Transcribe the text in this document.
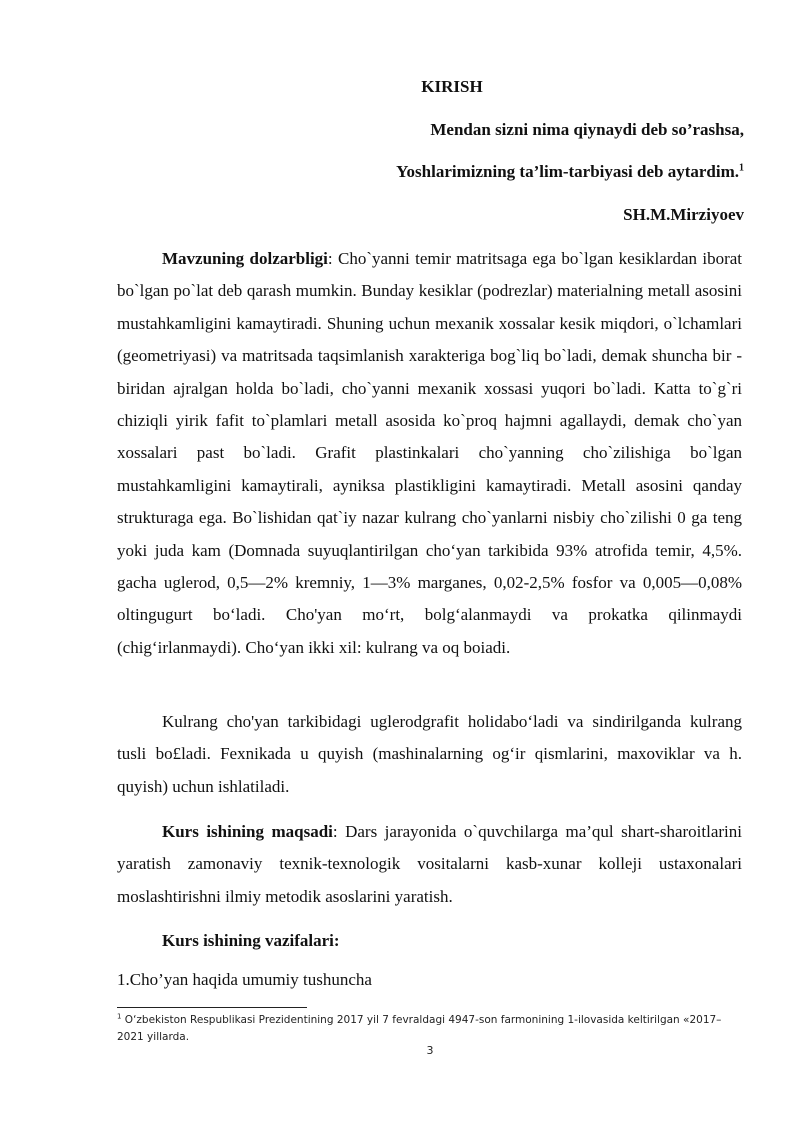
KIRISH
Mendan sizni nima qiynaydi deb so’rashsa,
Yoshlarimizning ta’lim-tarbiyasi deb aytardim.$^1$
SH.M.Mirziyoev
Mavzuning dolzarbligi: Cho`yanni temir matritsaga ega bo`lgan kesiklardan iborat bo`lgan po`lat deb qarash mumkin. Bunday kesiklar (podrezlar) materialning metall asosini mustahkamligini kamaytiradi. Shuning uchun mexanik xossalar kesik miqdori, o`lchamlari (geometriyasi) va matritsada taqsimlanish xarakteriga bog`liq bo`ladi, demak shuncha bir - biridan ajralgan holda bo`ladi, cho`yanni mexanik xossasi yuqori bo`ladi. Katta to`g`ri chiziqli yirik fafit to`plamlari metall asosida ko`proq hajmni agallaydi, demak cho`yan xossalari past bo`ladi. Grafit plastinkalari cho`yanning cho`zilishiga bo`lgan mustahkamligini kamaytirali, ayniksa plastikligini kamaytiradi. Metall asosini qanday strukturaga ega. Bo`lishidan qat`iy nazar kulrang cho`yanlarni nisbiy cho`zilishi 0 ga teng yoki juda kam (Domnada suyuqlantirilgan cho‘yan tarkibida 93% atrofida temir, 4,5%. gacha uglerod, 0,5—2% kremniy, 1—3% marganes, 0,02-2,5% fosfor va 0,005—0,08% oltingugurt bo‘ladi. Cho'yan mo‘rt, bolg‘alanmaydi va prokatka qilinmaydi (chig‘irlanmaydi). Cho‘yan ikki xil: kulrang va oq boiadi.
Kulrang cho'yan tarkibidagi uglerodgrafit holidabo‘ladi va sindirilganda kulrang tusli bo£ladi. Fexnikada u quyish (mashinalarning og‘ir qismlarini, maxoviklar va h. quyish) uchun ishlatiladi.
Kurs ishining maqsadi: Dars jarayonida o`quvchilarga ma’qul shart-sharoitlarini yaratish zamonaviy texnik-texnologik vositalarni kasb-xunar kolleji ustaxonalari moslashtirishni ilmiy metodik asoslarini yaratish.
Kurs ishining vazifalari:
1.Cho’yan haqida umumiy tushuncha
$^1$ O‘zbekiston Respublikasi Prezidentining 2017 yil 7 fevraldagi 4947-son farmonining 1-ilovasida keltirilgan «2017–2021 yillarda.
3
